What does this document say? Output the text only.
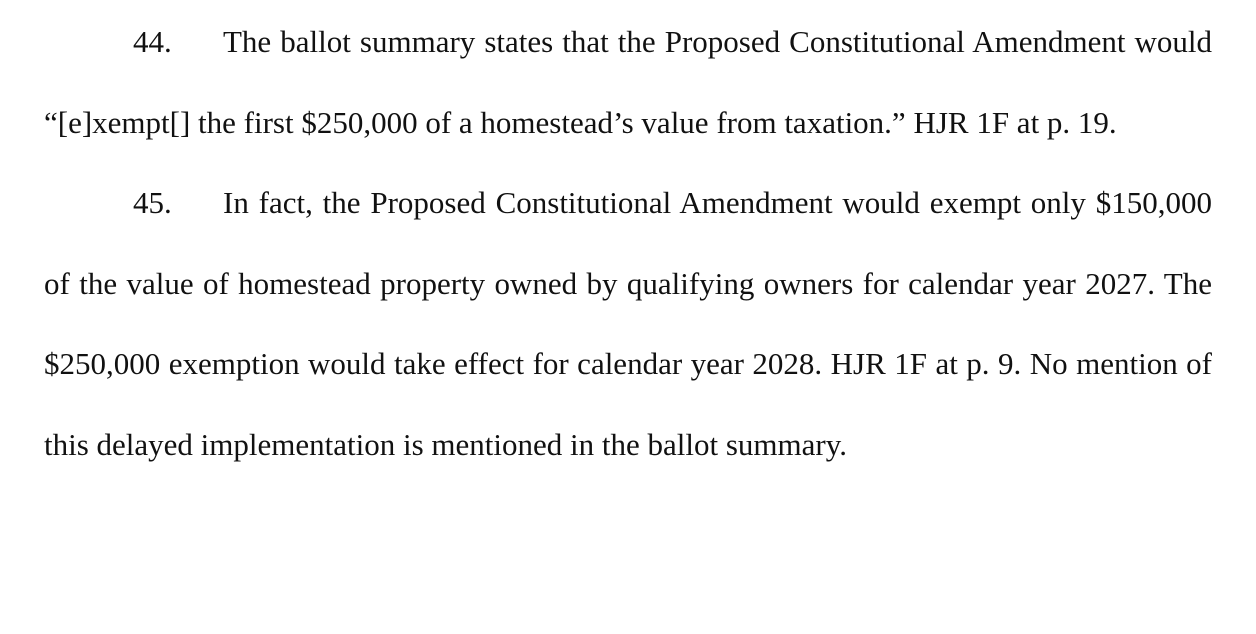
44. The ballot summary states that the Proposed Constitutional Amendment would “[e]xempt[] the first $250,000 of a homestead’s value from taxation.” HJR 1F at p. 19.

45. In fact, the Proposed Constitutional Amendment would exempt only $150,000 of the value of homestead property owned by qualifying owners for calendar year 2027. The $250,000 exemption would take effect for calendar year 2028. HJR 1F at p. 9. No mention of this delayed implementation is mentioned in the ballot summary.
